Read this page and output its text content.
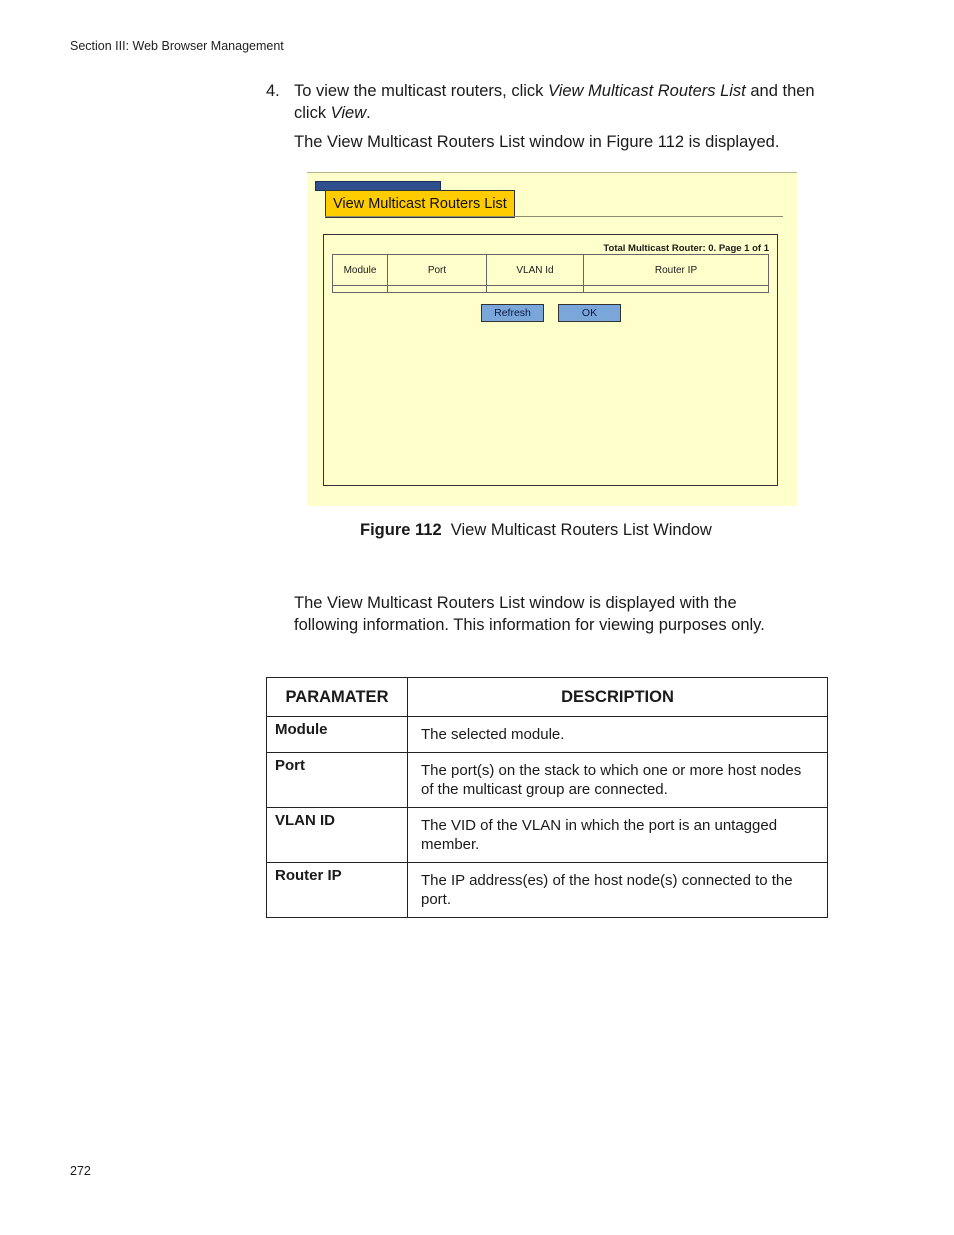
Section III: Web Browser Management
4. To view the multicast routers, click View Multicast Routers List and then click View.
The View Multicast Routers List window in Figure 112 is displayed.
View Multicast Routers List
Total Multicast Router: 0. Page 1 of 1
Module	Port	VLAN Id	Router IP

Refresh	OK
Figure 112 View Multicast Routers List Window
The View Multicast Routers List window is displayed with the following information. This information for viewing purposes only.
PARAMATER	DESCRIPTION
Module	The selected module.
Port	The port(s) on the stack to which one or more host nodes of the multicast group are connected.
VLAN ID	The VID of the VLAN in which the port is an untagged member.
Router IP	The IP address(es) of the host node(s) connected to the port.
272
